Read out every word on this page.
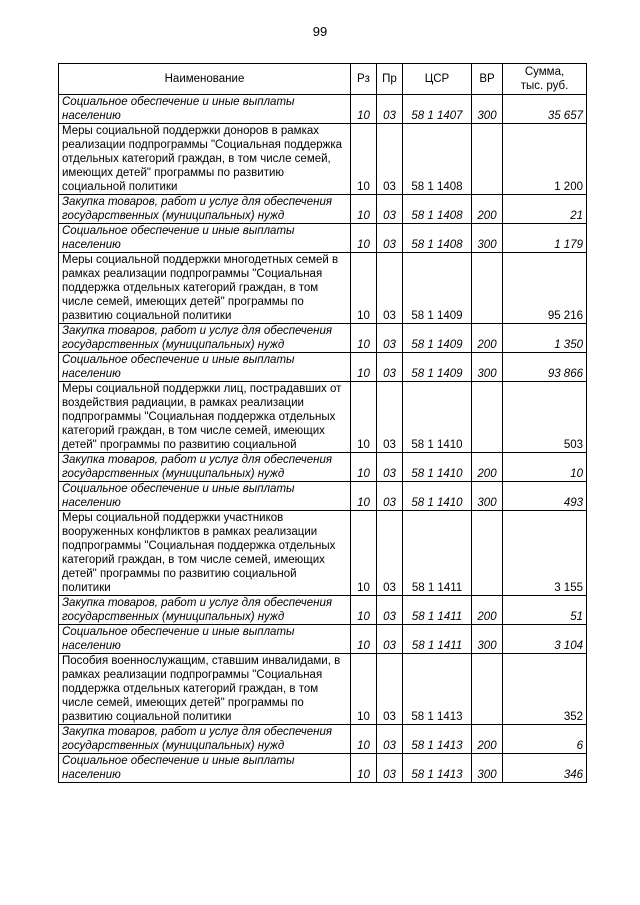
99
Наименование	Рз	Пр	ЦСР	ВР	Сумма,
тыс. руб.
Социальное обеспечение и иные выплаты населению	10	03	58 1 1407	300	35 657
Меры социальной поддержки доноров в рамках реализации подпрограммы "Социальная поддержка отдельных категорий граждан, в том числе семей, имеющих детей" программы по развитию социальной политики	10	03	58 1 1408		1 200
Закупка товаров, работ и услуг для обеспечения государственных (муниципальных) нужд	10	03	58 1 1408	200	21
Социальное обеспечение и иные выплаты населению	10	03	58 1 1408	300	1 179
Меры социальной поддержки многодетных семей в рамках реализации подпрограммы "Социальная поддержка отдельных категорий граждан, в том числе семей, имеющих детей" программы по развитию социальной политики	10	03	58 1 1409		95 216
Закупка товаров, работ и услуг для обеспечения государственных (муниципальных) нужд	10	03	58 1 1409	200	1 350
Социальное обеспечение и иные выплаты населению	10	03	58 1 1409	300	93 866
Меры социальной поддержки лиц, пострадавших от воздействия радиации, в рамках реализации подпрограммы "Социальная поддержка отдельных категорий граждан, в том числе семей, имеющих детей" программы по развитию социальной	10	03	58 1 1410		503
Закупка товаров, работ и услуг для обеспечения государственных (муниципальных) нужд	10	03	58 1 1410	200	10
Социальное обеспечение и иные выплаты населению	10	03	58 1 1410	300	493
Меры социальной поддержки участников вооруженных конфликтов в рамках реализации подпрограммы "Социальная поддержка отдельных категорий граждан, в том числе семей, имеющих детей" программы по развитию социальной политики	10	03	58 1 1411		3 155
Закупка товаров, работ и услуг для обеспечения государственных (муниципальных) нужд	10	03	58 1 1411	200	51
Социальное обеспечение и иные выплаты населению	10	03	58 1 1411	300	3 104
Пособия военнослужащим, ставшим инвалидами, в рамках реализации подпрограммы "Социальная поддержка отдельных категорий граждан, в том числе семей, имеющих детей" программы по развитию социальной политики	10	03	58 1 1413		352
Закупка товаров, работ и услуг для обеспечения государственных (муниципальных) нужд	10	03	58 1 1413	200	6
Социальное обеспечение и иные выплаты населению	10	03	58 1 1413	300	346
